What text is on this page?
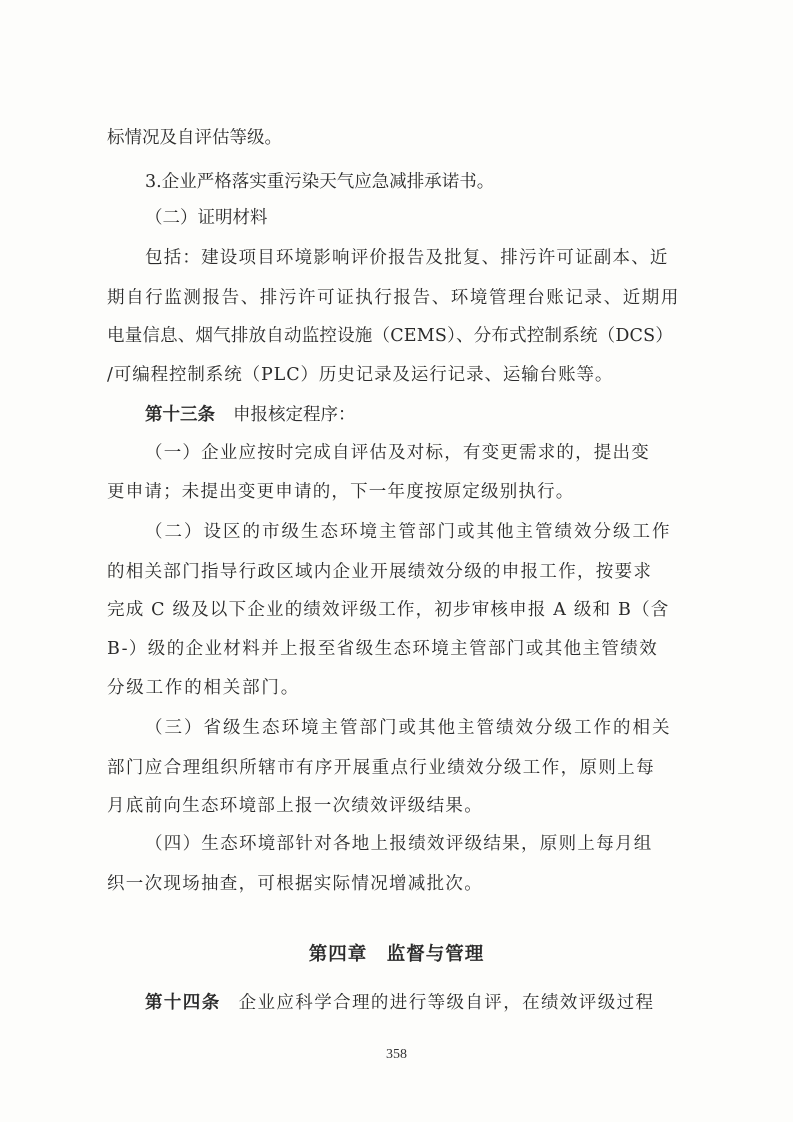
标情况及自评估等级。
3.企业严格落实重污染天气应急减排承诺书。
（二）证明材料
包括：建设项目环境影响评价报告及批复、排污许可证副本、近
期自行监测报告、排污许可证执行报告、环境管理台账记录、近期用
电量信息、烟气排放自动监控设施（CEMS）、分布式控制系统（DCS）
/可编程控制系统（PLC）历史记录及运行记录、运输台账等。
第十三条 申报核定程序：
（一）企业应按时完成自评估及对标，有变更需求的，提出变
更申请；未提出变更申请的，下一年度按原定级别执行。
（二）设区的市级生态环境主管部门或其他主管绩效分级工作
的相关部门指导行政区域内企业开展绩效分级的申报工作，按要求
完成 C 级及以下企业的绩效评级工作，初步审核申报 A 级和 B（含
B-）级的企业材料并上报至省级生态环境主管部门或其他主管绩效
分级工作的相关部门。
（三）省级生态环境主管部门或其他主管绩效分级工作的相关
部门应合理组织所辖市有序开展重点行业绩效分级工作，原则上每
月底前向生态环境部上报一次绩效评级结果。
（四）生态环境部针对各地上报绩效评级结果，原则上每月组
织一次现场抽查，可根据实际情况增减批次。
第四章　监督与管理
第十四条 企业应科学合理的进行等级自评，在绩效评级过程
358
